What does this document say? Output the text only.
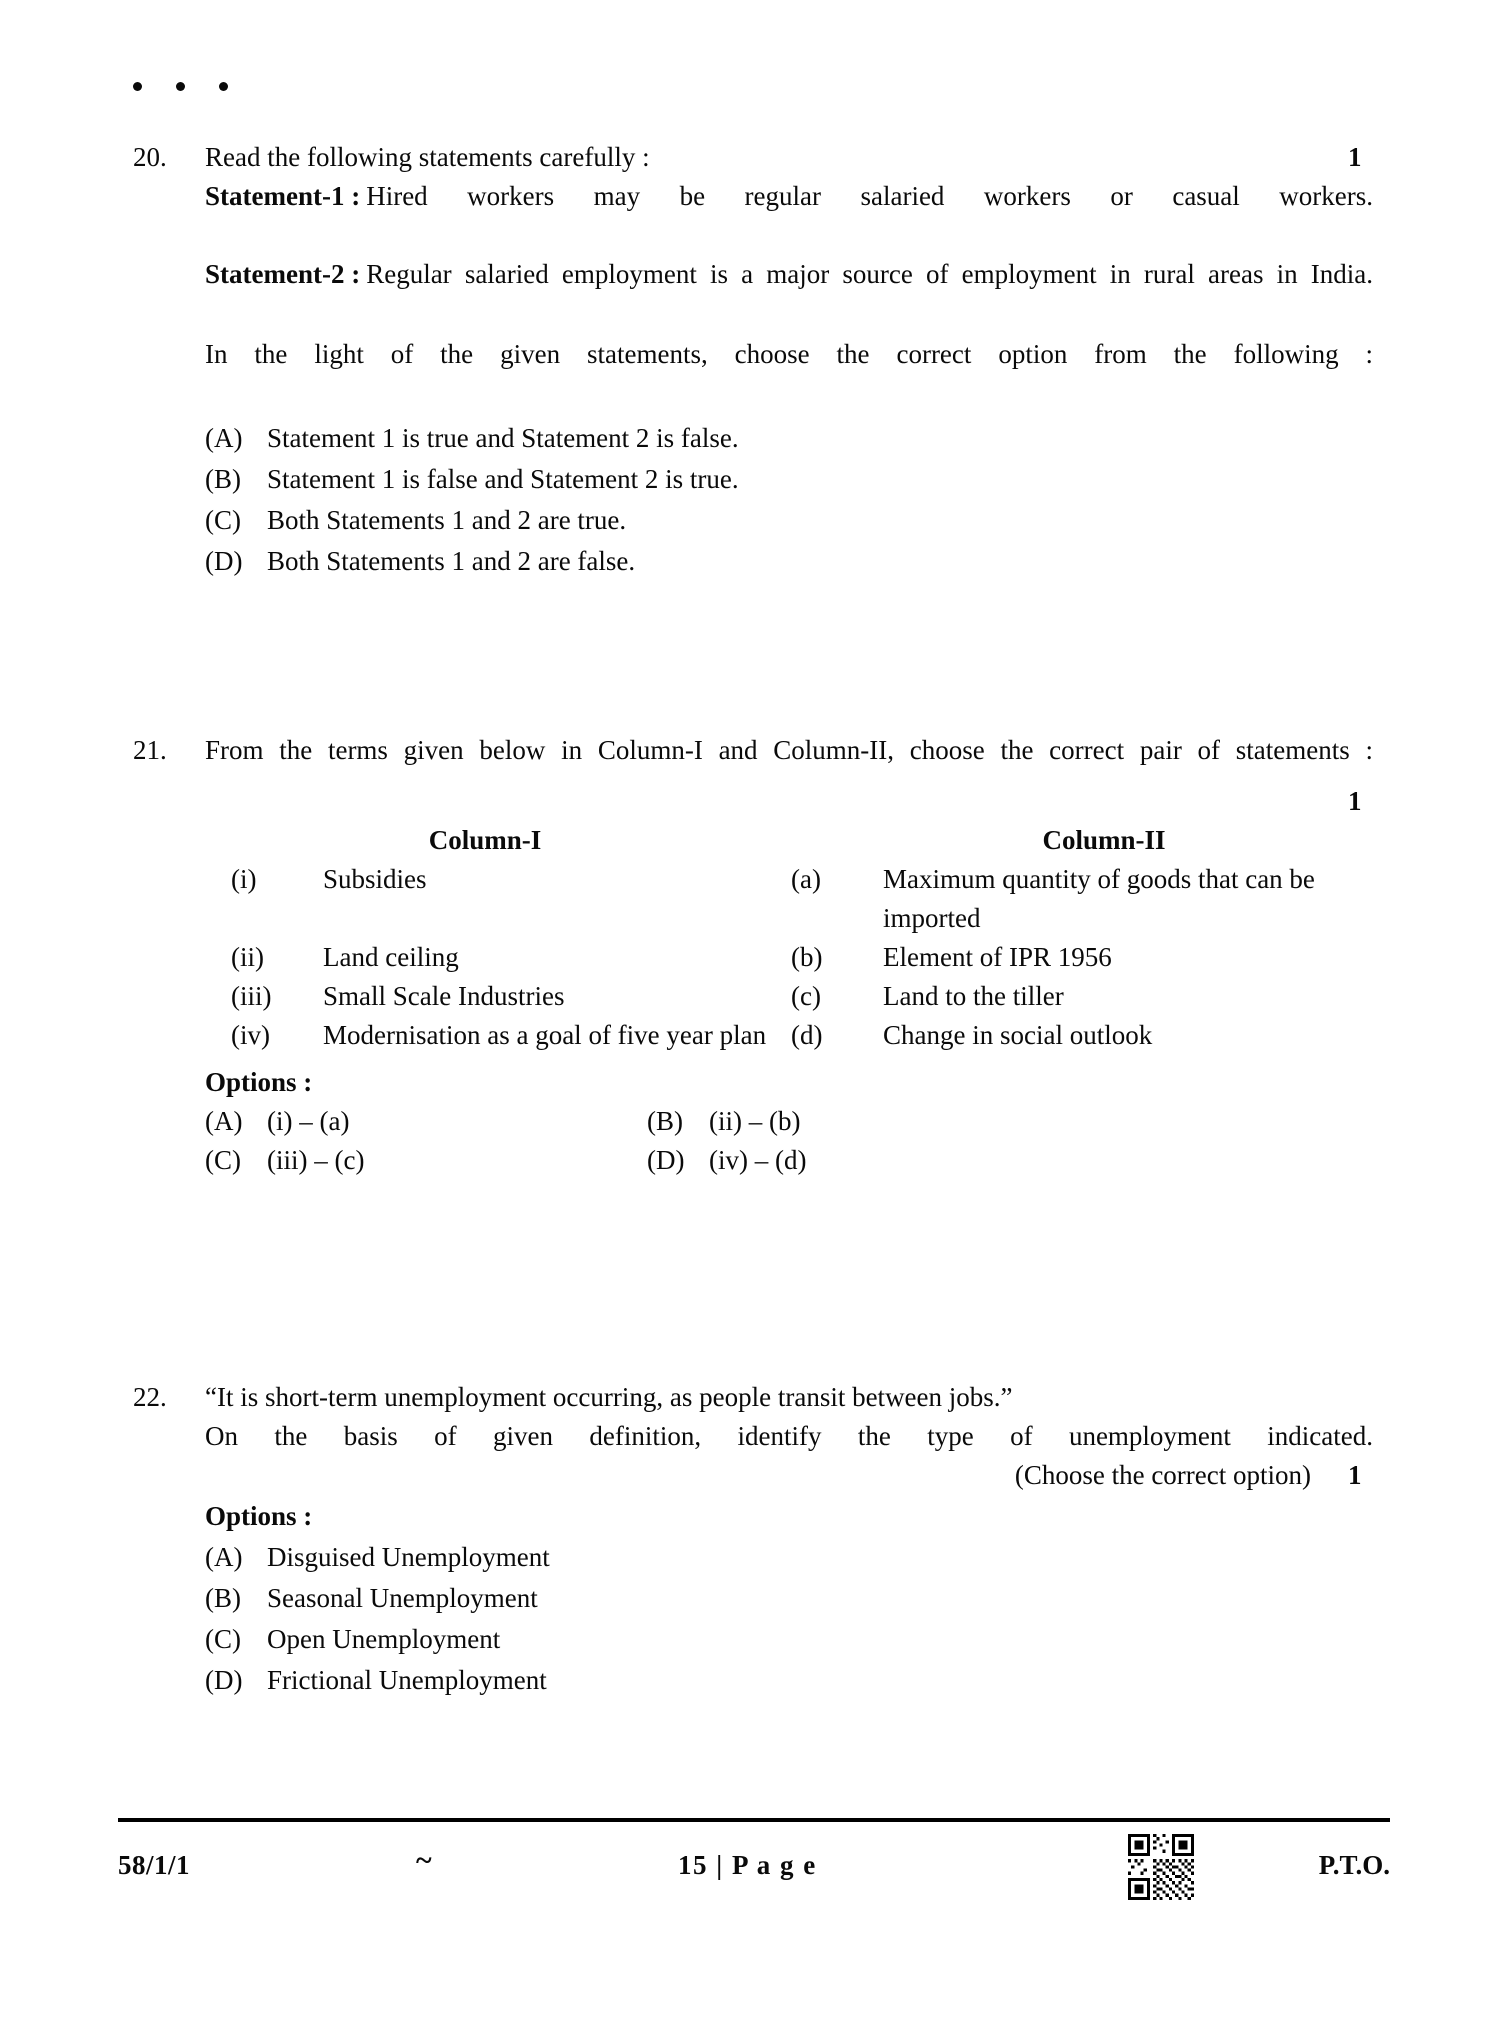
20.	Read the following statements carefully :
Statement-1 : Hired workers may be regular salaried workers or casual workers.
Statement-2 : Regular salaried employment is a major source of employment in rural areas in India.
In the light of the given statements, choose the correct option from the following :
(A) Statement 1 is true and Statement 2 is false.
(B) Statement 1 is false and Statement 2 is true.
(C) Both Statements 1 and 2 are true.
(D) Both Statements 1 and 2 are false.
1
21.	From the terms given below in Column-I and Column-II, choose the correct pair of statements :
Column-I	Column-II
(i)	Subsidies	(a)	Maximum quantity of goods that can be imported
(ii)	Land ceiling	(b)	Element of IPR 1956
(iii)	Small Scale Industries	(c)	Land to the tiller
(iv)	Modernisation as a goal of five year plan (d)	Change in social outlook
Options :
(A) (i) – (a)	(B) (ii) – (b)
(C) (iii) – (c)	(D) (iv) – (d)
1
22.	“It is short-term unemployment occurring, as people transit between jobs.”
On the basis of given definition, identify the type of unemployment indicated.
(Choose the correct option)
Options :
(A) Disguised Unemployment
(B) Seasonal Unemployment
(C) Open Unemployment
(D) Frictional Unemployment
1
58/1/1	~	15 | P a g e	P.T.O.
